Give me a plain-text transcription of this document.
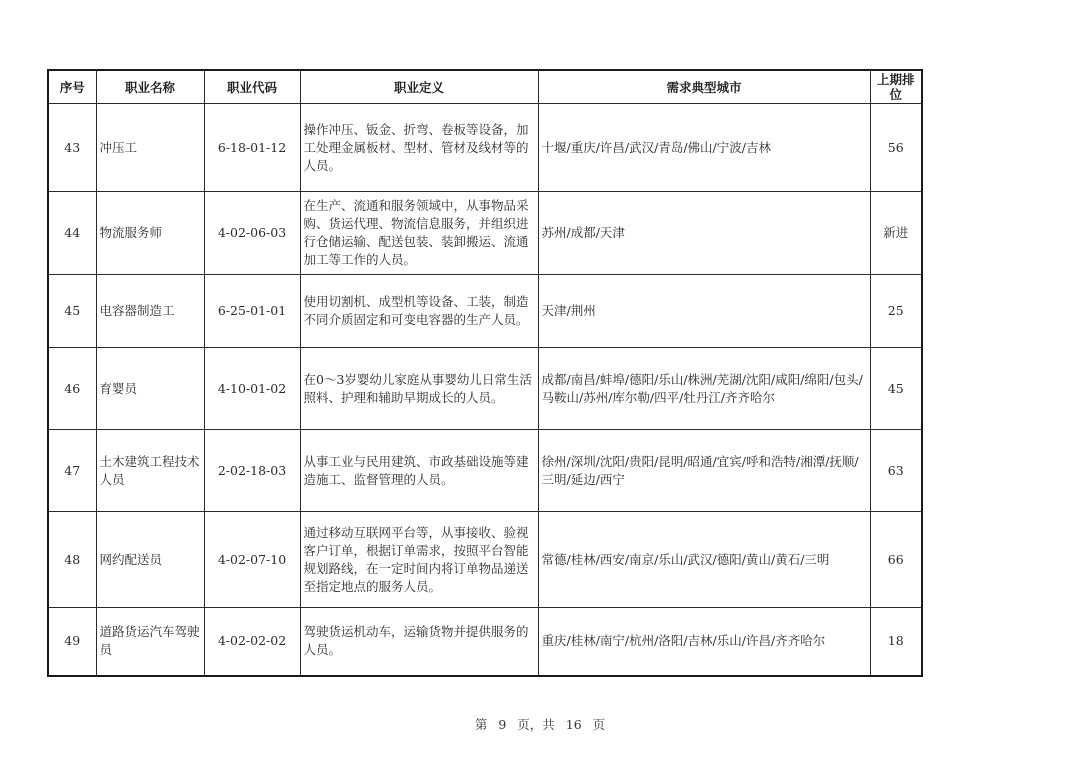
序号	职业名称	职业代码	职业定义	需求典型城市	上期排位
43	冲压工	6-18-01-12	操作冲压、钣金、折弯、卷板等设备，加工处理金属板材、型材、管材及线材等的人员。	十堰/重庆/许昌/武汉/青岛/佛山/宁波/吉林	56
44	物流服务师	4-02-06-03	在生产、流通和服务领域中，从事物品采购、货运代理、物流信息服务，并组织进行仓储运输、配送包装、装卸搬运、流通加工等工作的人员。	苏州/成都/天津	新进
45	电容器制造工	6-25-01-01	使用切割机、成型机等设备、工装，制造不同介质固定和可变电容器的生产人员。	天津/荆州	25
46	育婴员	4-10-01-02	在0～3岁婴幼儿家庭从事婴幼儿日常生活照料、护理和辅助早期成长的人员。	成都/南昌/蚌埠/德阳/乐山/株洲/芜湖/沈阳/咸阳/绵阳/包头/马鞍山/苏州/库尔勒/四平/牡丹江/齐齐哈尔	45
47	土木建筑工程技术人员	2-02-18-03	从事工业与民用建筑、市政基础设施等建造施工、监督管理的人员。	徐州/深圳/沈阳/贵阳/昆明/昭通/宜宾/呼和浩特/湘潭/抚顺/三明/延边/西宁	63
48	网约配送员	4-02-07-10	通过移动互联网平台等，从事接收、验视客户订单，根据订单需求，按照平台智能规划路线，在一定时间内将订单物品递送至指定地点的服务人员。	常德/桂林/西安/南京/乐山/武汉/德阳/黄山/黄石/三明	66
49	道路货运汽车驾驶员	4-02-02-02	驾驶货运机动车，运输货物并提供服务的人员。	重庆/桂林/南宁/杭州/洛阳/吉林/乐山/许昌/齐齐哈尔	18
第 9 页，共 16 页
